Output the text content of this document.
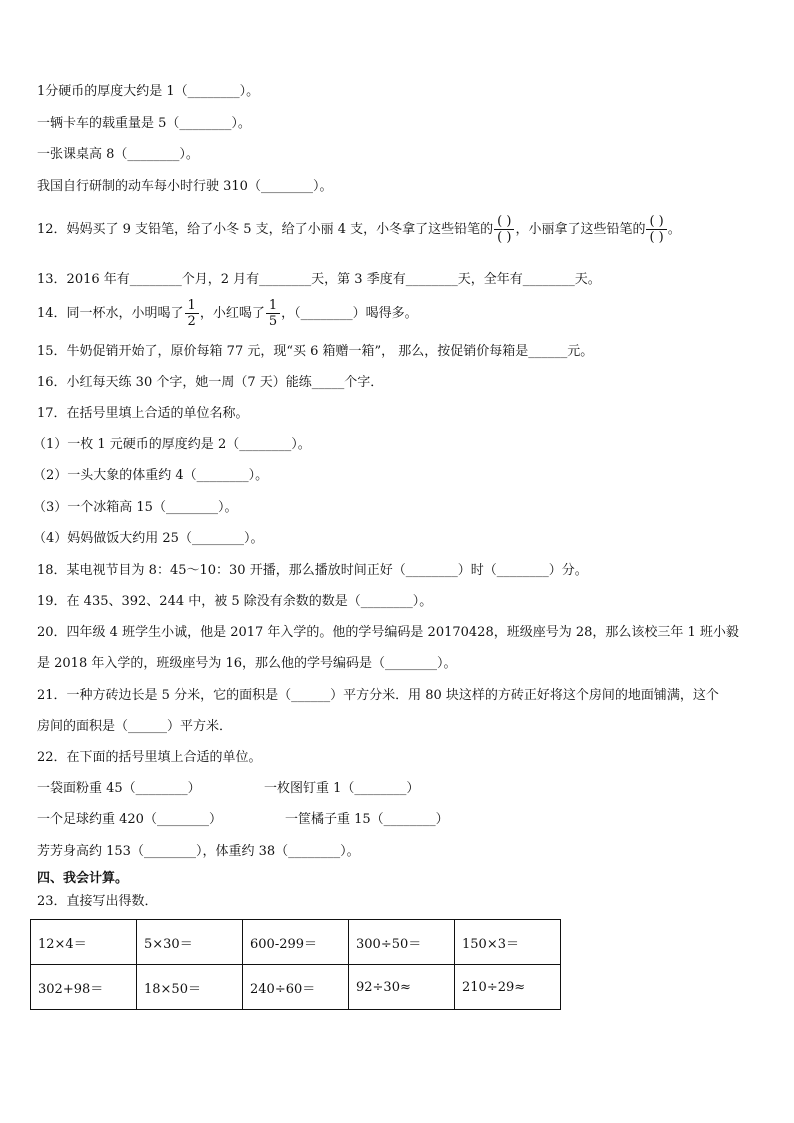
1分硬币的厚度大约是 1（________）。
一辆卡车的载重量是 5（________）。
一张课桌高 8（________）。
我国自行研制的动车每小时行驶 310（________）。
12．妈妈买了 9 支铅笔，给了小冬 5 支，给了小丽 4 支，小冬拿了这些铅笔的 $\frac{( )}{( )}$ ，小丽拿了这些铅笔的 $\frac{( )}{( )}$ 。
13．2016 年有________个月，2 月有________天，第 3 季度有________天，全年有________天。
14．同一杯水，小明喝了 $\frac{1}{2}$ ，小红喝了 $\frac{1}{5}$ ，（________）喝得多。
15．牛奶促销开始了，原价每箱 77 元，现“买 6 箱赠一箱”， 那么，按促销价每箱是______元。
16．小红每天练 30 个字，她一周（7 天）能练_____个字．
17．在括号里填上合适的单位名称。
（1）一枚 1 元硬币的厚度约是 2（________）。
（2）一头大象的体重约 4（________）。
（3）一个冰箱高 15（________）。
（4）妈妈做饭大约用 25（________）。
18．某电视节目为 8：45～10：30 开播，那么播放时间正好（________）时（________）分。
19．在 435、392、244 中，被 5 除没有余数的数是（________）。
20．四年级 4 班学生小诚，他是 2017 年入学的。他的学号编码是 20170428，班级座号为 28，那么该校三年 1 班小毅
是 2018 年入学的，班级座号为 16，那么他的学号编码是（________）。
21．一种方砖边长是 5 分米，它的面积是（______）平方分米．用 80 块这样的方砖正好将这个房间的地面铺满，这个
房间的面积是（______）平方米．
22．在下面的括号里填上合适的单位。
一袋面粉重 45（________）	一枚图钉重 1（________）
一个足球约重 420（________）	一筐橘子重 15（________）
芳芳身高约 153（________），体重约 38（________）。
四、我会计算。
23．直接写出得数．
12×4＝	5×30＝	600-299＝	300÷50＝	150×3＝
302+98＝	18×50＝	240÷60＝	92÷30≈	210÷29≈
